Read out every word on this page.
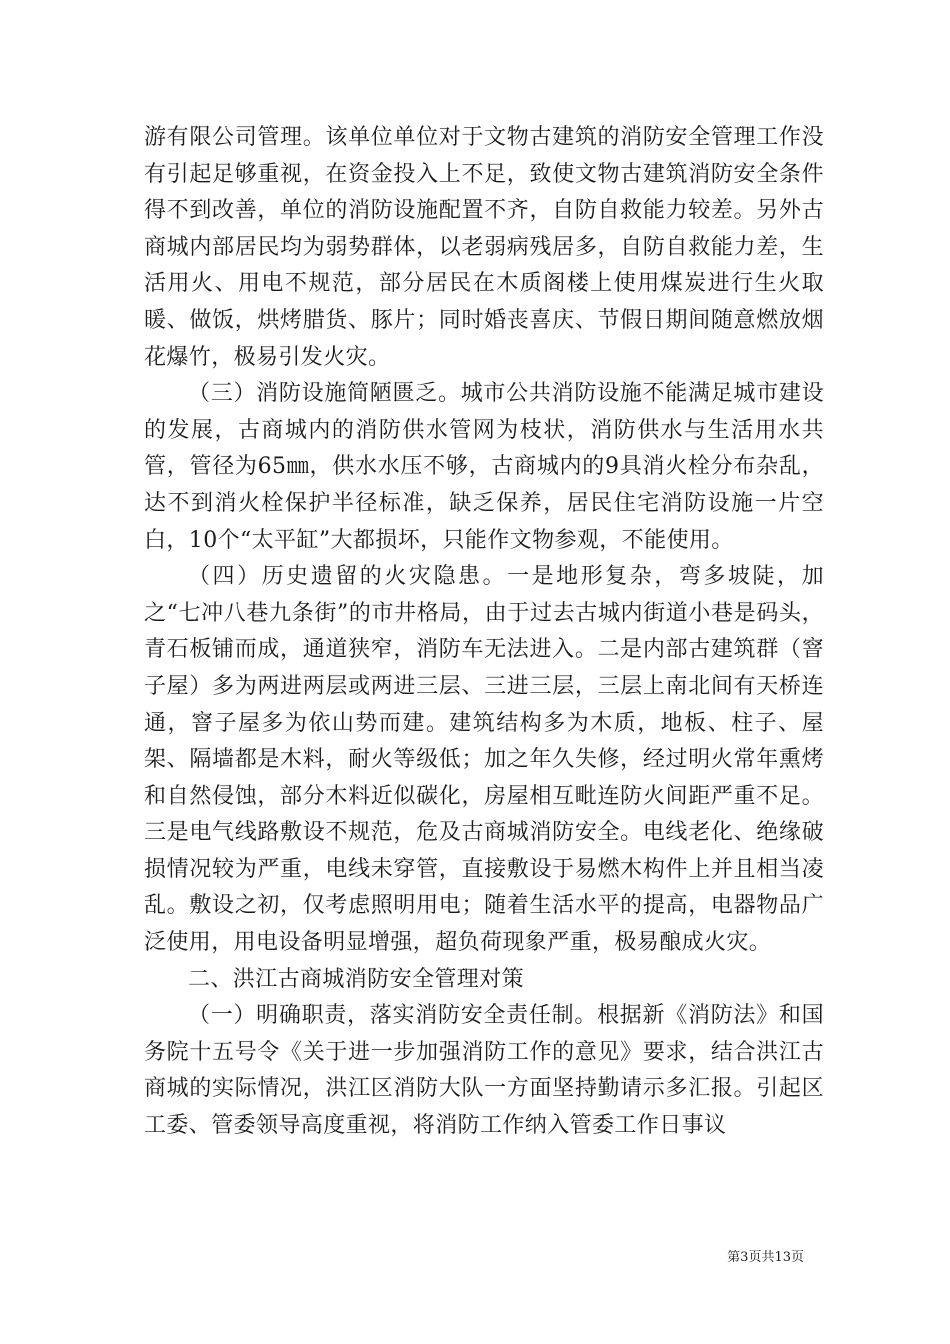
游有限公司管理。该单位单位对于文物古建筑的消防安全管理工作没有引起足够重视，在资金投入上不足，致使文物古建筑消防安全条件得不到改善，单位的消防设施配置不齐，自防自救能力较差。另外古商城内部居民均为弱势群体，以老弱病残居多，自防自救能力差，生活用火、用电不规范，部分居民在木质阁楼上使用煤炭进行生火取暖、做饭，烘烤腊货、豚片；同时婚丧喜庆、节假日期间随意燃放烟花爆竹，极易引发火灾。

（三）消防设施简陋匮乏。城市公共消防设施不能满足城市建设的发展，古商城内的消防供水管网为枝状，消防供水与生活用水共管，管径为65㎜，供水水压不够，古商城内的9具消火栓分布杂乱，达不到消火栓保护半径标准，缺乏保养，居民住宅消防设施一片空白，10个“太平缸”大都损坏，只能作文物参观，不能使用。

（四）历史遗留的火灾隐患。一是地形复杂，弯多坡陡，加之“七冲八巷九条街”的市井格局，由于过去古城内街道小巷是码头，青石板铺而成，通道狭窄，消防车无法进入。二是内部古建筑群（窨子屋）多为两进两层或两进三层、三进三层，三层上南北间有天桥连通，窨子屋多为依山势而建。建筑结构多为木质，地板、柱子、屋架、隔墙都是木料，耐火等级低；加之年久失修，经过明火常年熏烤和自然侵蚀，部分木料近似碳化，房屋相互毗连防火间距严重不足。三是电气线路敷设不规范，危及古商城消防安全。电线老化、绝缘破损情况较为严重，电线未穿管，直接敷设于易燃木构件上并且相当凌乱。敷设之初，仅考虑照明用电；随着生活水平的提高，电器物品广泛使用，用电设备明显增强，超负荷现象严重，极易酿成火灾。

二、洪江古商城消防安全管理对策

（一）明确职责，落实消防安全责任制。根据新《消防法》和国务院十五号令《关于进一步加强消防工作的意见》要求，结合洪江古商城的实际情况，洪江区消防大队一方面坚持勤请示多汇报。引起区工委、管委领导高度重视，将消防工作纳入管委工作日事议

第3页共13页
